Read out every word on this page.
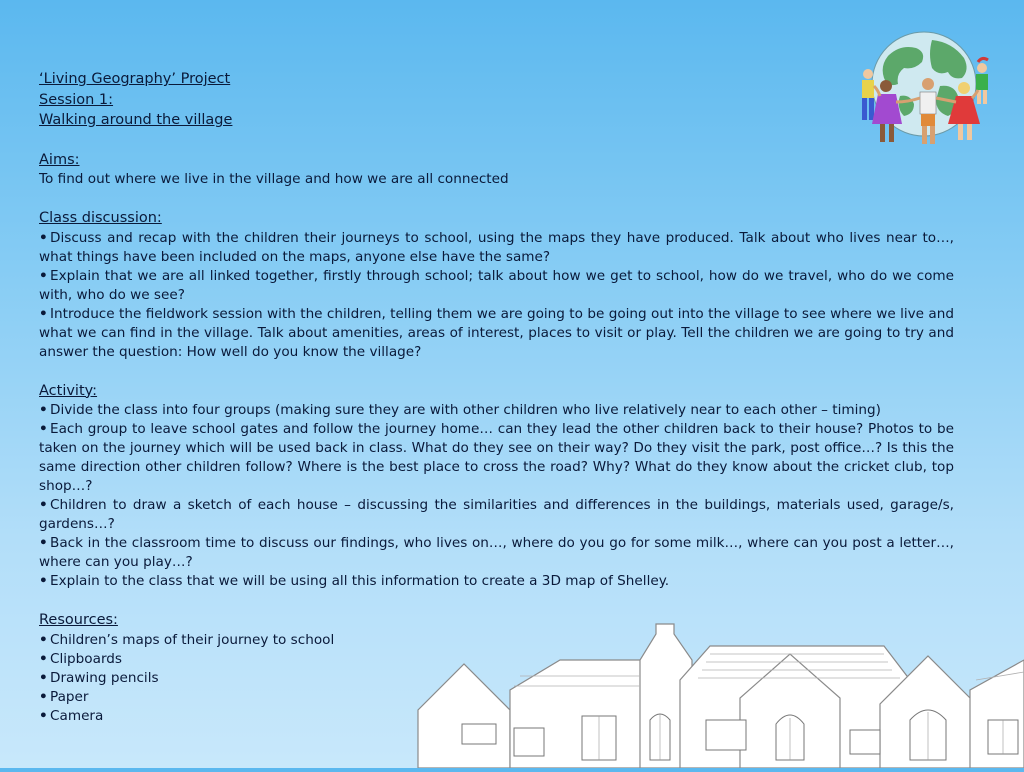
‘Living Geography’ Project
Session 1:
Walking around the village
Aims:
To find out where we live in the village and how we are all connected
Class discussion:
• Discuss and recap with the children their journeys to school, using the maps they have produced. Talk about who lives near to…, what things have been included on the maps, anyone else have the same?
• Explain that we are all linked together, firstly through school; talk about how we get to school, how do we travel, who do we come with, who do we see?
• Introduce the fieldwork session with the children, telling them we are going to be going out into the village to see where we live and what we can find in the village. Talk about amenities, areas of interest, places to visit or play. Tell the children we are going to try and answer the question: How well do you know the village?
Activity:
• Divide the class into four groups (making sure they are with other children who live relatively near to each other – timing)
• Each group to leave school gates and follow the journey home… can they lead the other children back to their house? Photos to be taken on the journey which will be used back in class. What do they see on their way? Do they visit the park, post office…? Is this the same direction other children follow? Where is the best place to cross the road? Why? What do they know about the cricket club, top shop…?
• Children to draw a sketch of each house – discussing the similarities and differences in the buildings, materials used, garage/s, gardens…?
• Back in the classroom time to discuss our findings, who lives on…, where do you go for some milk…, where can you post a letter…, where can you play…?
• Explain to the class that we will be using all this information to create a 3D map of Shelley.
Resources:
• Children’s maps of their journey to school
• Clipboards
• Drawing pencils
• Paper
• Camera
